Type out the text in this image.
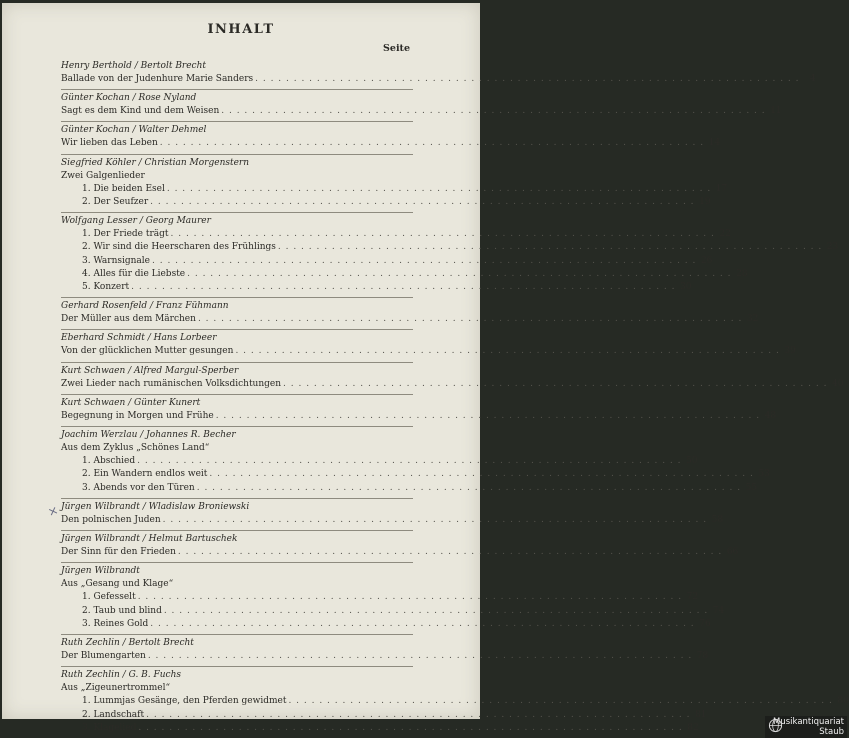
INHALT
Seite
Henry Berthold / Bertolt Brecht
Ballade von der Judenhure Marie Sanders . . .	4
Günter Kochan / Rose Nyland
Sagt es dem Kind und dem Weisen . . .	11
Günter Kochan / Walter Dehmel
Wir lieben das Leben . . .	14
Siegfried Köhler / Christian Morgenstern
Zwei Galgenlieder
1. Die beiden Esel . . .	17
2. Der Seufzer . . .	19
Wolfgang Lesser / Georg Maurer
1. Der Friede trägt . . .	22
2. Wir sind die Heerscharen des Frühlings . . .	23
3. Warnsignale . . .	26
4. Alles für die Liebste . . .	28
5. Konzert . . .	30
Gerhard Rosenfeld / Franz Fühmann
Der Müller aus dem Märchen . . .	32
Eberhard Schmidt / Hans Lorbeer
Von der glücklichen Mutter gesungen . . .	39
Kurt Schwaen / Alfred Margul-Sperber
Zwei Lieder nach rumänischen Volksdichtungen . . .	40
Kurt Schwaen / Günter Kunert
Begegnung in Morgen und Frühe . . .	48
Joachim Werzlau / Johannes R. Becher
Aus dem Zyklus „Schönes Land“
1. Abschied . . .	50
2. Ein Wandern endlos weit . . .	53
3. Abends vor den Türen . . .	55
Jürgen Wilbrandt / Wladislaw Broniewski
Den polnischen Juden . . .	58
Jürgen Wilbrandt / Helmut Bartuschek
Der Sinn für den Frieden . . .	66
Jürgen Wilbrandt
Aus „Gesang und Klage“
1. Gefesselt . . .	72
2. Taub und blind . . .	74
3. Reines Gold . . .	76
Ruth Zechlin / Bertolt Brecht
Der Blumengarten . . .	78
Ruth Zechlin / G. B. Fuchs
Aus „Zigeunertrommel“
1. Lummjas Gesänge, den Pferden gewidmet . . .	80
2. Landschaft . . .	81
3. Klagelied . . .	82
×
Musikantiquariat
Staub
